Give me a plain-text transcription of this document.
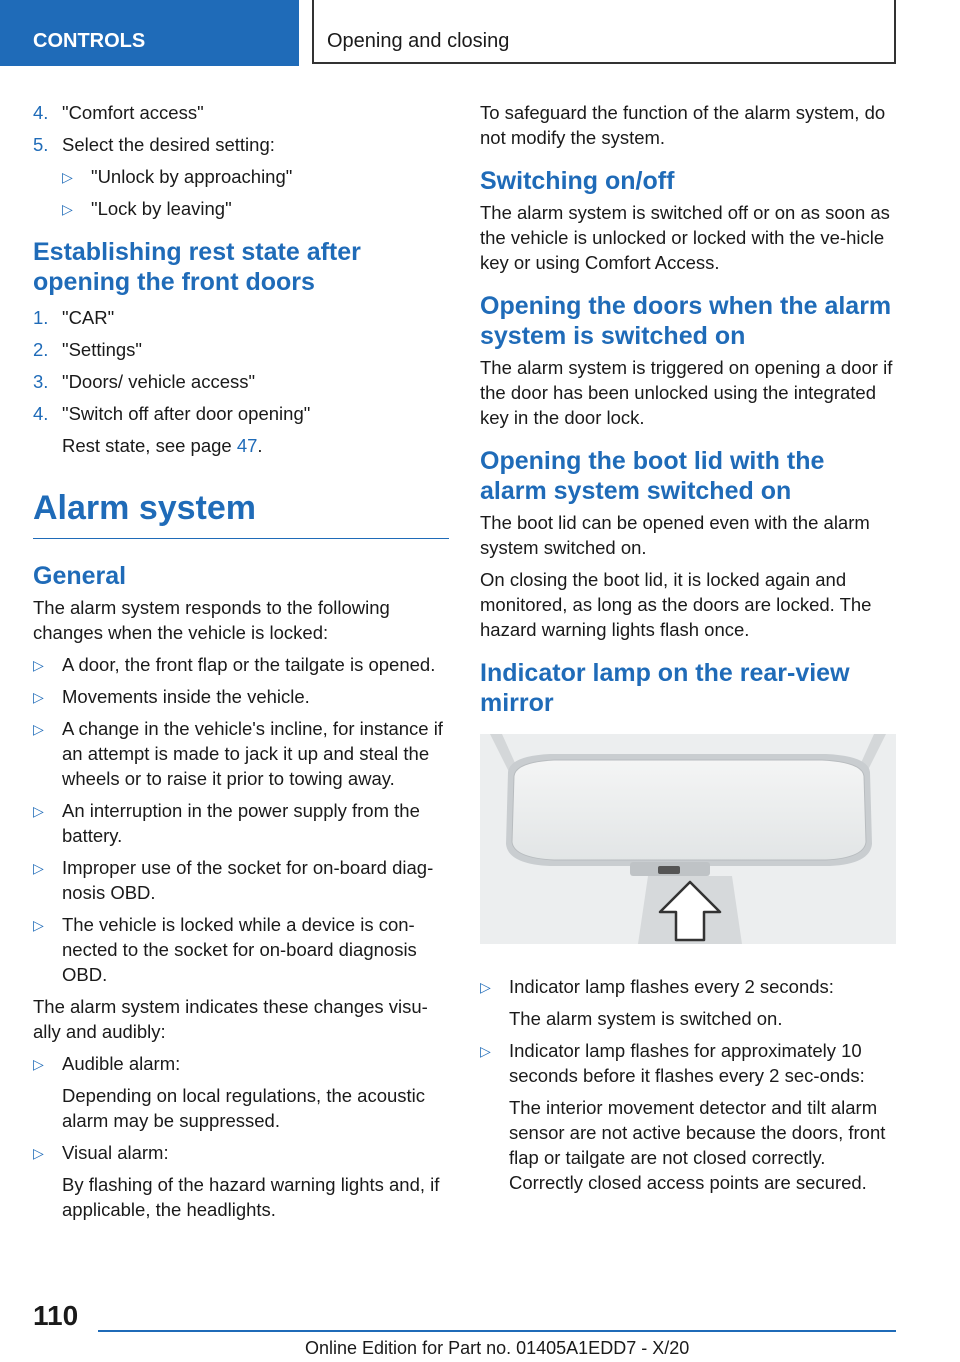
CONTROLS	Opening and closing
4. "Comfort access"
5. Select the desired setting:
▷ "Unlock by approaching"
▷ "Lock by leaving"
Establishing rest state after opening the front doors
1. "CAR"
2. "Settings"
3. "Doors/ vehicle access"
4. "Switch off after door opening"
Rest state, see page 47.
Alarm system
General

The alarm system responds to the following changes when the vehicle is locked:

▷ A door, the front flap or the tailgate is opened.
▷ Movements inside the vehicle.
▷ A change in the vehicle's incline, for instance if an attempt is made to jack it up and steal the wheels or to raise it prior to towing away.
▷ An interruption in the power supply from the battery.
▷ Improper use of the socket for on-board diag-nosis OBD.
▷ The vehicle is locked while a device is con-nected to the socket for on-board diagnosis OBD.

The alarm system indicates these changes visu-ally and audibly:

▷ Audible alarm:
Depending on local regulations, the acoustic alarm may be suppressed.
▷ Visual alarm:
By flashing of the hazard warning lights and, if applicable, the headlights.

To safeguard the function of the alarm system, do not modify the system.

Switching on/off

The alarm system is switched off or on as soon as the vehicle is unlocked or locked with the ve-hicle key or using Comfort Access.

Opening the doors when the alarm system is switched on

The alarm system is triggered on opening a door if the door has been unlocked using the integrated key in the door lock.

Opening the boot lid with the alarm system switched on

The boot lid can be opened even with the alarm system switched on.

On closing the boot lid, it is locked again and monitored, as long as the doors are locked. The hazard warning lights flash once.

Indicator lamp on the rear-view mirror
▷ Indicator lamp flashes every 2 seconds:
The alarm system is switched on.
▷ Indicator lamp flashes for approximately 10 seconds before it flashes every 2 sec-onds:
The interior movement detector and tilt alarm sensor are not active because the doors, front flap or tailgate are not closed correctly. Correctly closed access points are secured.
110
Online Edition for Part no. 01405A1EDD7 - X/20
